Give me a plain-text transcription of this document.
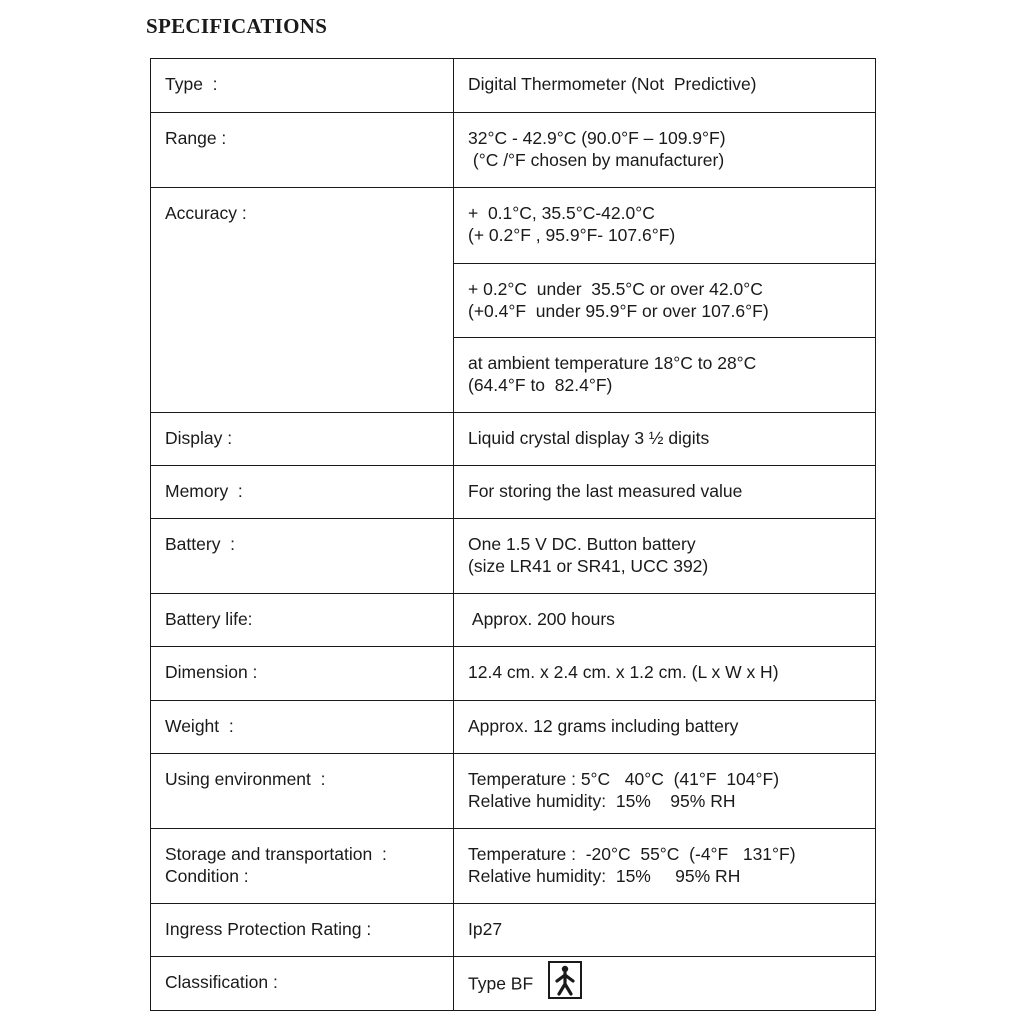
SPECIFICATIONS
Type  :	Digital Thermometer (Not  Predictive)

Range :	32°C - 42.9°C (90.0°F – 109.9°F)
(°C /°F chosen by manufacturer)

Accuracy :	+  0.1°C, 35.5°C-42.0°C
(+ 0.2°F , 95.9°F- 107.6°F)

	+ 0.2°C  under  35.5°C or over 42.0°C
(+0.4°F  under 95.9°F or over 107.6°F)

	at ambient temperature 18°C to 28°C
(64.4°F to  82.4°F)

Display :	Liquid crystal display 3 ½ digits

Memory  :	For storing the last measured value

Battery  :	One 1.5 V DC. Button battery
(size LR41 or SR41, UCC 392)

Battery life:	Approx. 200 hours

Dimension :	12.4 cm. x 2.4 cm. x 1.2 cm. (L x W x H)

Weight  :	Approx. 12 grams including battery

Using environment  :	Temperature : 5°C   40°C  (41°F  104°F)
Relative humidity:  15%    95% RH

Storage and transportation  :
Condition :	Temperature :  -20°C  55°C  (-4°F   131°F)
Relative humidity:  15%     95% RH

Ingress Protection Rating :	Ip27

Classification :	Type BF
